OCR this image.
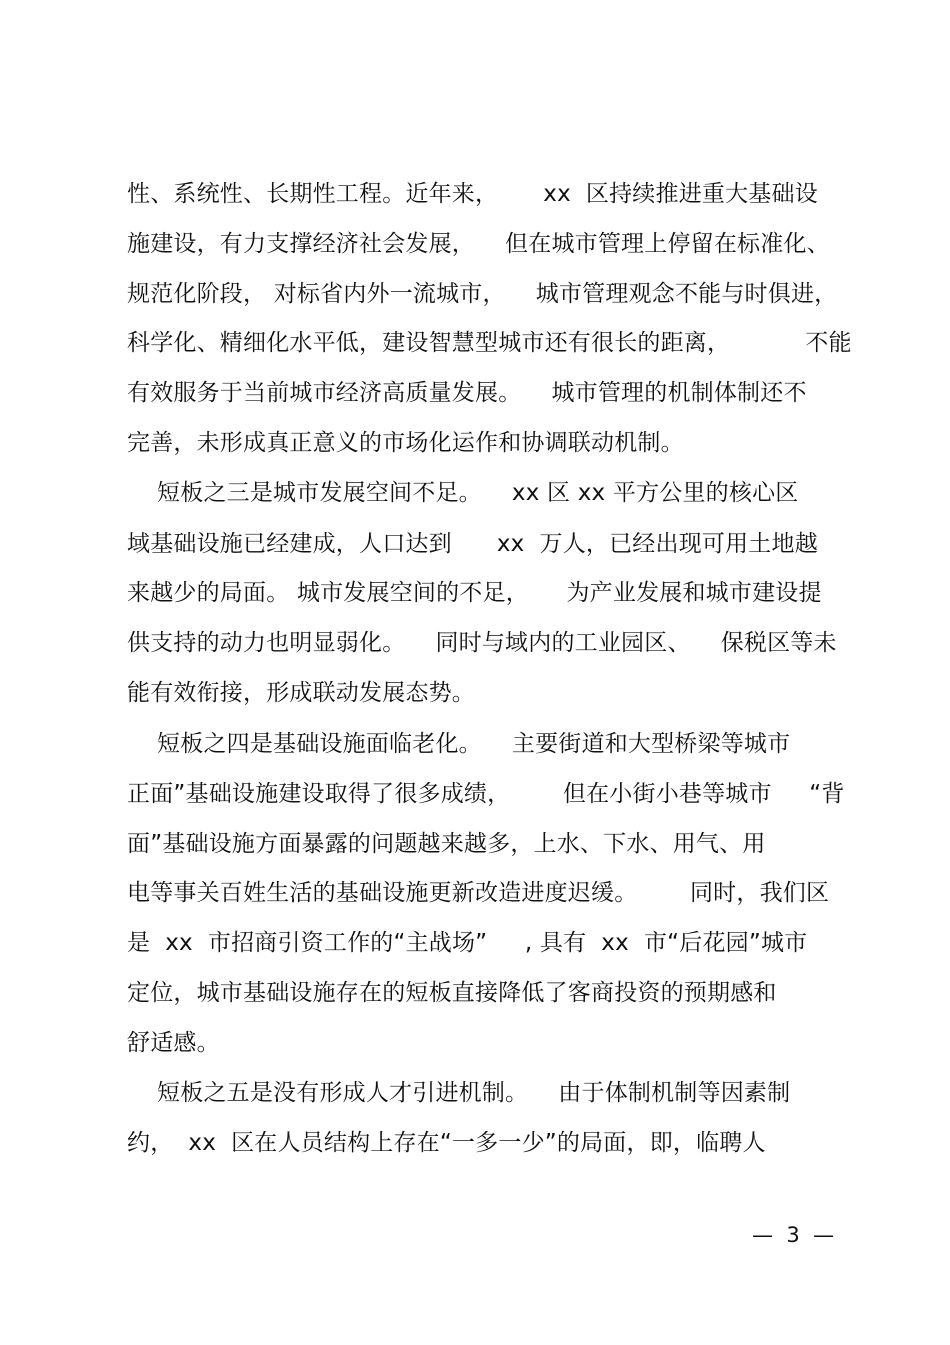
性、系统性、长期性工程。近年来，      xx  区持续推进重大基础设
施建设，有力支撑经济社会发展，    但在城市管理上停留在标准化、
规范化阶段， 对标省内外一流城市，    城市管理观念不能与时俱进，
科学化、精细化水平低，建设智慧型城市还有很长的距离，          不能
有效服务于当前城市经济高质量发展。    城市管理的机制体制还不
完善，未形成真正意义的市场化运作和协调联动机制。
短板之三是城市发展空间不足。    xx 区 xx 平方公里的核心区
域基础设施已经建成，人口达到      xx  万人，已经出现可用土地越
来越少的局面。 城市发展空间的不足，     为产业发展和城市建设提
供支持的动力也明显弱化。    同时与域内的工业园区、    保税区等未
能有效衔接，形成联动发展态势。
短板之四是基础设施面临老化。    主要街道和大型桥梁等城市
正面”基础设施建设取得了很多成绩，       但在小街小巷等城市     “背
面”基础设施方面暴露的问题越来越多，上水、下水、用气、用
电等事关百姓生活的基础设施更新改造进度迟缓。       同时，我们区
是  xx  市招商引资工作的“主战场”     , 具有  xx  市“后花园”城市
定位，城市基础设施存在的短板直接降低了客商投资的预期感和
舒适感。
短板之五是没有形成人才引进机制。    由于体制机制等因素制
约，  xx  区在人员结构上存在“一多一少”的局面，即，临聘人
—  3  —
